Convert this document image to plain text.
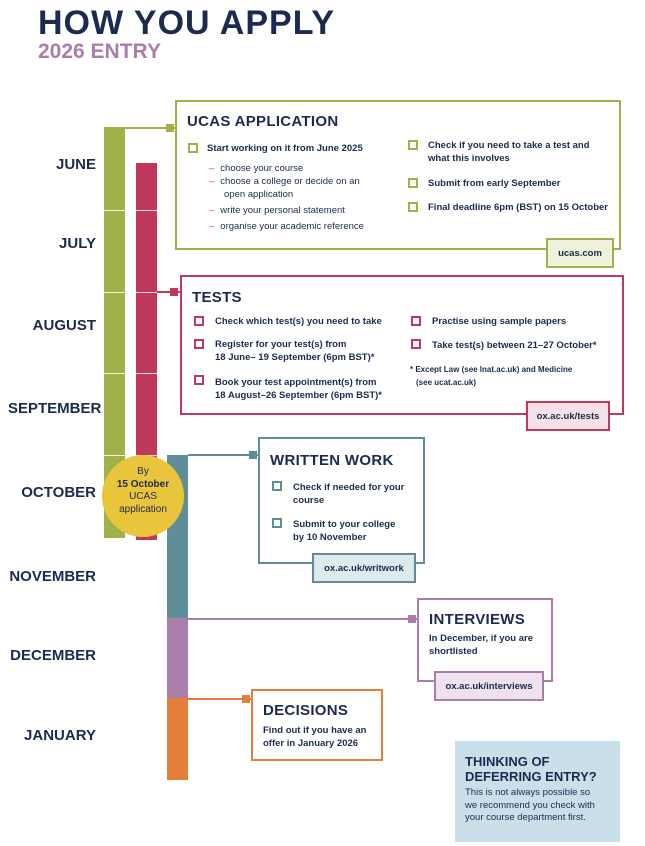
HOW YOU APPLY
2026 ENTRY
JUNE
JULY
AUGUST
SEPTEMBER
OCTOBER
NOVEMBER
DECEMBER
JANUARY
UCAS APPLICATION
Start working on it from June 2025
– choose your course
– choose a college or decide on an
open application
– write your personal statement
– organise your academic reference
Check if you need to take a test and
what this involves
Submit from early September
Final deadline 6pm (BST) on 15 October
ucas.com
TESTS
Check which test(s) you need to take
Register for your test(s) from
18 June– 19 September (6pm BST)*
Book your test appointment(s) from
18 August–26 September (6pm BST)*
Practise using sample papers
Take test(s) between 21–27 October*
* Except Law (see lnat.ac.uk) and Medicine
(see ucat.ac.uk)
ox.ac.uk/tests
WRITTEN WORK
Check if needed for your
course
Submit to your college
by 10 November
ox.ac.uk/writwork
INTERVIEWS
In December, if you are
shortlisted
ox.ac.uk/interviews
DECISIONS
Find out if you have an
offer in January 2026
By
15 October
UCAS
application
THINKING OF
DEFERRING ENTRY?
This is not always possible so
we recommend you check with
your course department first.
